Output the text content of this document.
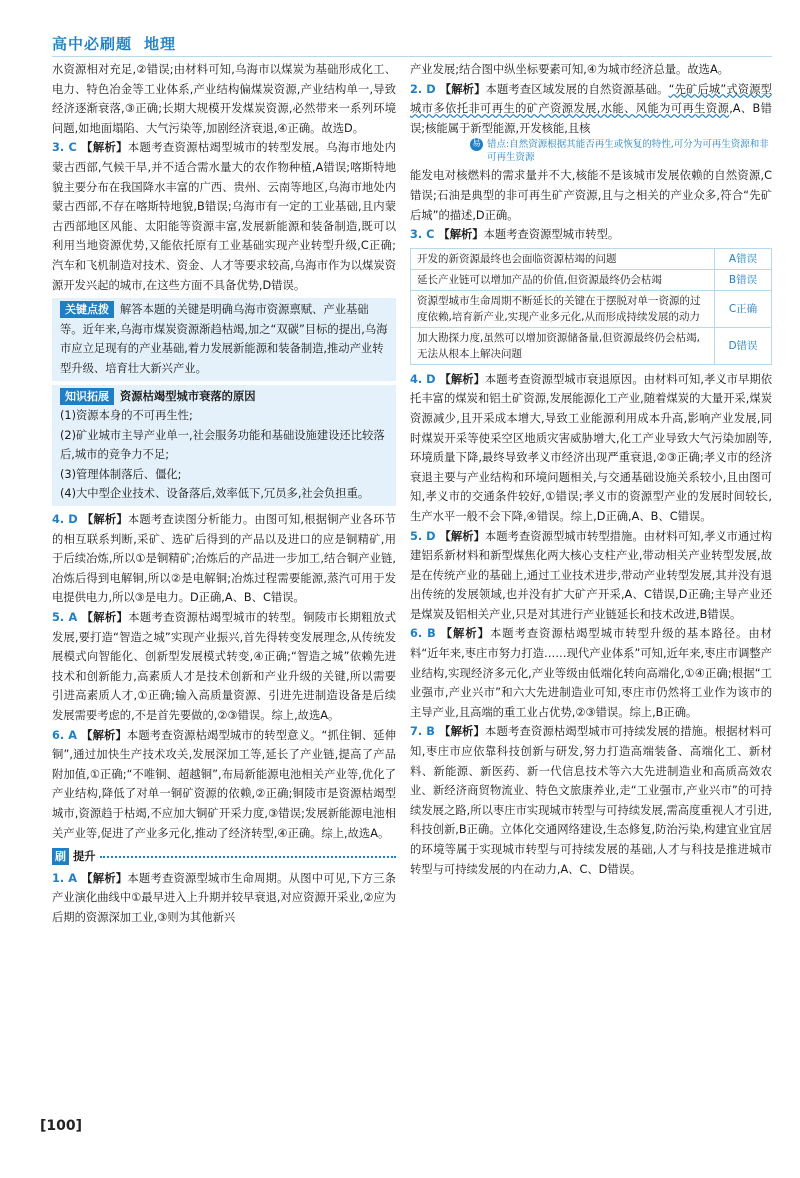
高中必刷题 地理

水资源相对充足,②错误;由材料可知,乌海市以煤炭为基础形成化工、电力、特色冶金等工业体系,产业结构偏煤炭资源,产业结构单一,导致经济逐渐衰落,③正确;长期大规模开发煤炭资源,必然带来一系列环境问题,如地面塌陷、大气污染等,加剧经济衰退,④正确。故选D。

3. C 【解析】本题考查资源枯竭型城市的转型发展。乌海市地处内蒙古西部,气候干旱,并不适合需水量大的农作物种植,A错误;喀斯特地貌主要分布在我国降水丰富的广西、贵州、云南等地区,乌海市地处内蒙古西部,不存在喀斯特地貌,B错误;乌海市有一定的工业基础,且内蒙古西部地区风能、太阳能等资源丰富,发展新能源和装备制造,既可以利用当地资源优势,又能依托原有工业基础实现产业转型升级,C正确;汽车和飞机制造对技术、资金、人才等要求较高,乌海市作为以煤炭资源开发兴起的城市,在这些方面不具备优势,D错误。

关键点拨 解答本题的关键是明确乌海市资源禀赋、产业基础等。近年来,乌海市煤炭资源渐趋枯竭,加之“双碳”目标的提出,乌海市应立足现有的产业基础,着力发展新能源和装备制造,推动产业转型升级、培育壮大新兴产业。
知识拓展 资源枯竭型城市衰落的原因
(1)资源本身的不可再生性;
(2)矿业城市主导产业单一,社会服务功能和基础设施建设还比较落后,城市的竞争力不足;
(3)管理体制落后、僵化;
(4)大中型企业技术、设备落后,效率低下,冗员多,社会负担重。

4. D 【解析】本题考查读图分析能力。由图可知,根据铜产业各环节的相互联系判断,采矿、选矿后得到的产品以及进口的应是铜精矿,用于后续冶炼,所以①是铜精矿;冶炼后的产品进一步加工,结合铜产业链,冶炼后得到电解铜,所以②是电解铜;冶炼过程需要能源,蒸汽可用于发电提供电力,所以③是电力。D正确,A、B、C错误。

5. A 【解析】本题考查资源枯竭型城市的转型。铜陵市长期粗放式发展,要打造“智造之城”实现产业振兴,首先得转变发展理念,从传统发展模式向智能化、创新型发展模式转变,④正确;“智造之城”依赖先进技术和创新能力,高素质人才是技术创新和产业升级的关键,所以需要引进高素质人才,①正确;输入高质量资源、引进先进制造设备是后续发展需要考虑的,不是首先要做的,②③错误。综上,故选A。

6. A 【解析】本题考查资源枯竭型城市的转型意义。“抓住铜、延伸铜”,通过加快生产技术攻关,发展深加工等,延长了产业链,提高了产品附加值,①正确;“不唯铜、超越铜”,布局新能源电池相关产业等,优化了产业结构,降低了对单一铜矿资源的依赖,②正确;铜陵市是资源枯竭型城市,资源趋于枯竭,不应加大铜矿开采力度,③错误;发展新能源电池相关产业等,促进了产业多元化,推动了经济转型,④正确。综上,故选A。

刷 提升

1. A 【解析】本题考查资源型城市生命周期。从图中可见,下方三条产业演化曲线中①最早进入上升期并较早衰退,对应资源开采业,②应为后期的资源深加工业,③则为其他新兴

产业发展;结合图中纵坐标要素可知,④为城市经济总量。故选A。

2. D 【解析】本题考查区域发展的自然资源基础。“先矿后城”式资源型城市多依托非可再生的矿产资源发展,水能、风能为可再生资源,A、B错误;核能属于新型能源,开发核能,且核

易 错点:自然资源根据其能否再生或恢复的特性,可分为可再生资源和非可再生资源

能发电对核燃料的需求量并不大,核能不是该城市发展依赖的自然资源,C错误;石油是典型的非可再生矿产资源,且与之相关的产业众多,符合“先矿后城”的描述,D正确。

3. C 【解析】本题考查资源型城市转型。

开发的新资源最终也会面临资源枯竭的问题	A错误
延长产业链可以增加产品的价值,但资源最终仍会枯竭	B错误
资源型城市生命周期不断延长的关键在于摆脱对单一资源的过度依赖,培育新产业,实现产业多元化,从而形成持续发展的动力	C正确
加大勘探力度,虽然可以增加资源储备量,但资源最终仍会枯竭,无法从根本上解决问题	D错误

4. D 【解析】本题考查资源型城市衰退原因。由材料可知,孝义市早期依托丰富的煤炭和铝土矿资源,发展能源化工产业,随着煤炭的大量开采,煤炭资源减少,且开采成本增大,导致工业能源利用成本升高,影响产业发展,同时煤炭开采等使采空区地质灾害威胁增大,化工产业导致大气污染加剧等,环境质量下降,最终导致孝义市经济出现严重衰退,②③正确;孝义市的经济衰退主要与产业结构和环境问题相关,与交通基础设施关系较小,且由图可知,孝义市的交通条件较好,①错误;孝义市的资源型产业的发展时间较长,生产水平一般不会下降,④错误。综上,D正确,A、B、C错误。

5. D 【解析】本题考查资源型城市转型措施。由材料可知,孝义市通过构建铝系新材料和新型煤焦化两大核心支柱产业,带动相关产业转型发展,故是在传统产业的基础上,通过工业技术进步,带动产业转型发展,其并没有退出传统的发展领域,也并没有扩大矿产开采,A、C错误,D正确;主导产业还是煤炭及铝相关产业,只是对其进行产业链延长和技术改进,B错误。

6. B 【解析】本题考查资源枯竭型城市转型升级的基本路径。由材料“近年来,枣庄市努力打造……现代产业体系”可知,近年来,枣庄市调整产业结构,实现经济多元化,产业等级由低端化转向高端化,①④正确;根据“工业强市,产业兴市”和六大先进制造业可知,枣庄市仍然将工业作为该市的主导产业,且高端的重工业占优势,②③错误。综上,B正确。

7. B 【解析】本题考查资源枯竭型城市可持续发展的措施。根据材料可知,枣庄市应依靠科技创新与研发,努力打造高端装备、高端化工、新材料、新能源、新医药、新一代信息技术等六大先进制造业和高质高效农业、新经济商贸物流业、特色文旅康养业,走“工业强市,产业兴市”的可持续发展之路,所以枣庄市实现城市转型与可持续发展,需高度重视人才引进,科技创新,B正确。立体化交通网络建设,生态修复,防治污染,构建宜业宜居的环境等属于实现城市转型与可持续发展的基础,人才与科技是推进城市转型与可持续发展的内在动力,A、C、D错误。

[100]
